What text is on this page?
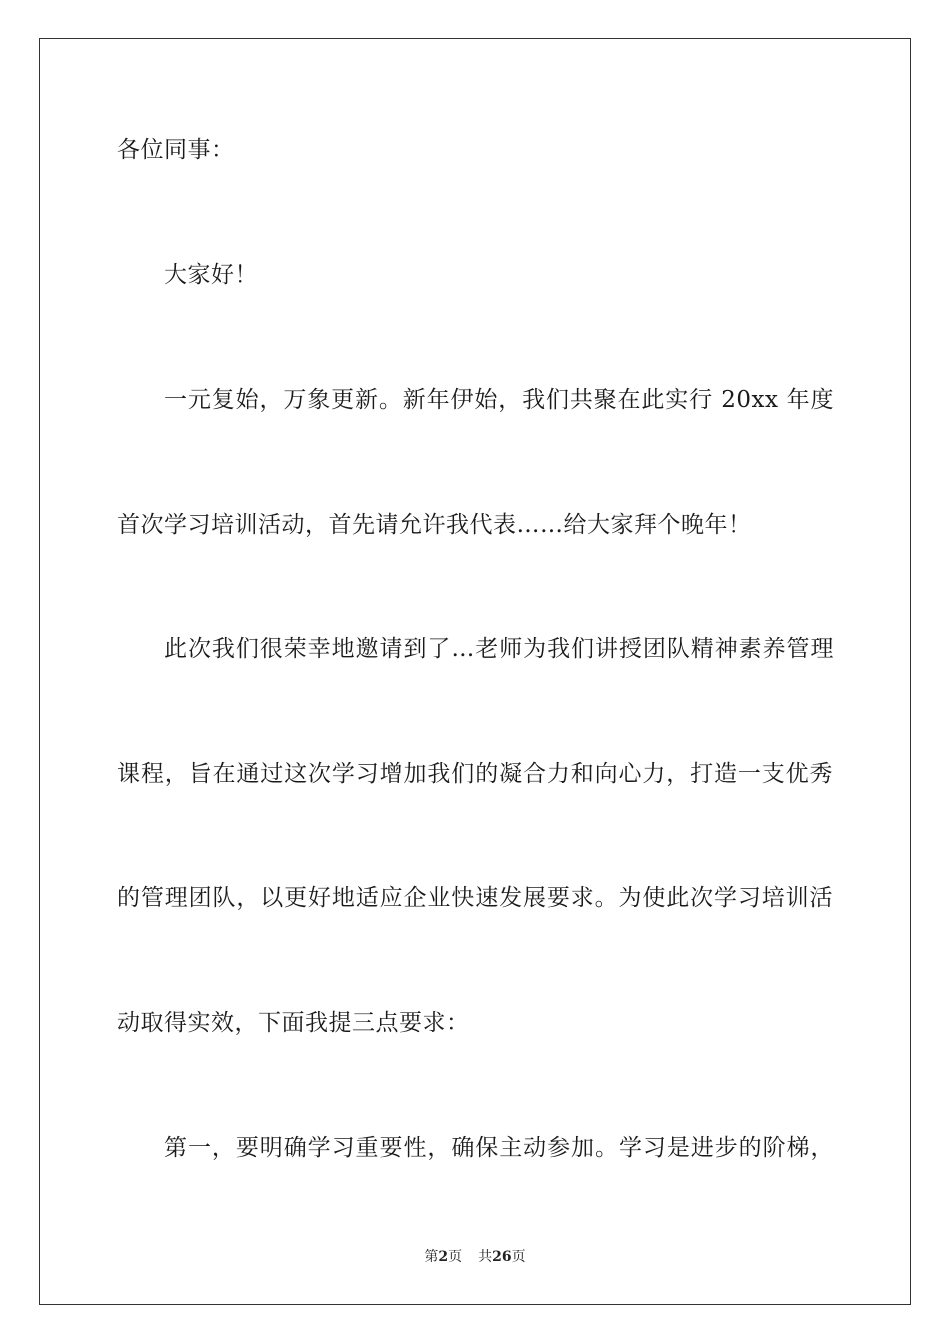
各位同事：
大家好！
一元复始，万象更新。新年伊始，我们共聚在此实行 20xx 年度
首次学习培训活动，首先请允许我代表……给大家拜个晚年！
此次我们很荣幸地邀请到了…老师为我们讲授团队精神素养管理
课程，旨在通过这次学习增加我们的凝合力和向心力，打造一支优秀
的管理团队，以更好地适应企业快速发展要求。为使此次学习培训活
动取得实效，下面我提三点要求：
第一，要明确学习重要性，确保主动参加。学习是进步的阶梯，
第2页 共26页
